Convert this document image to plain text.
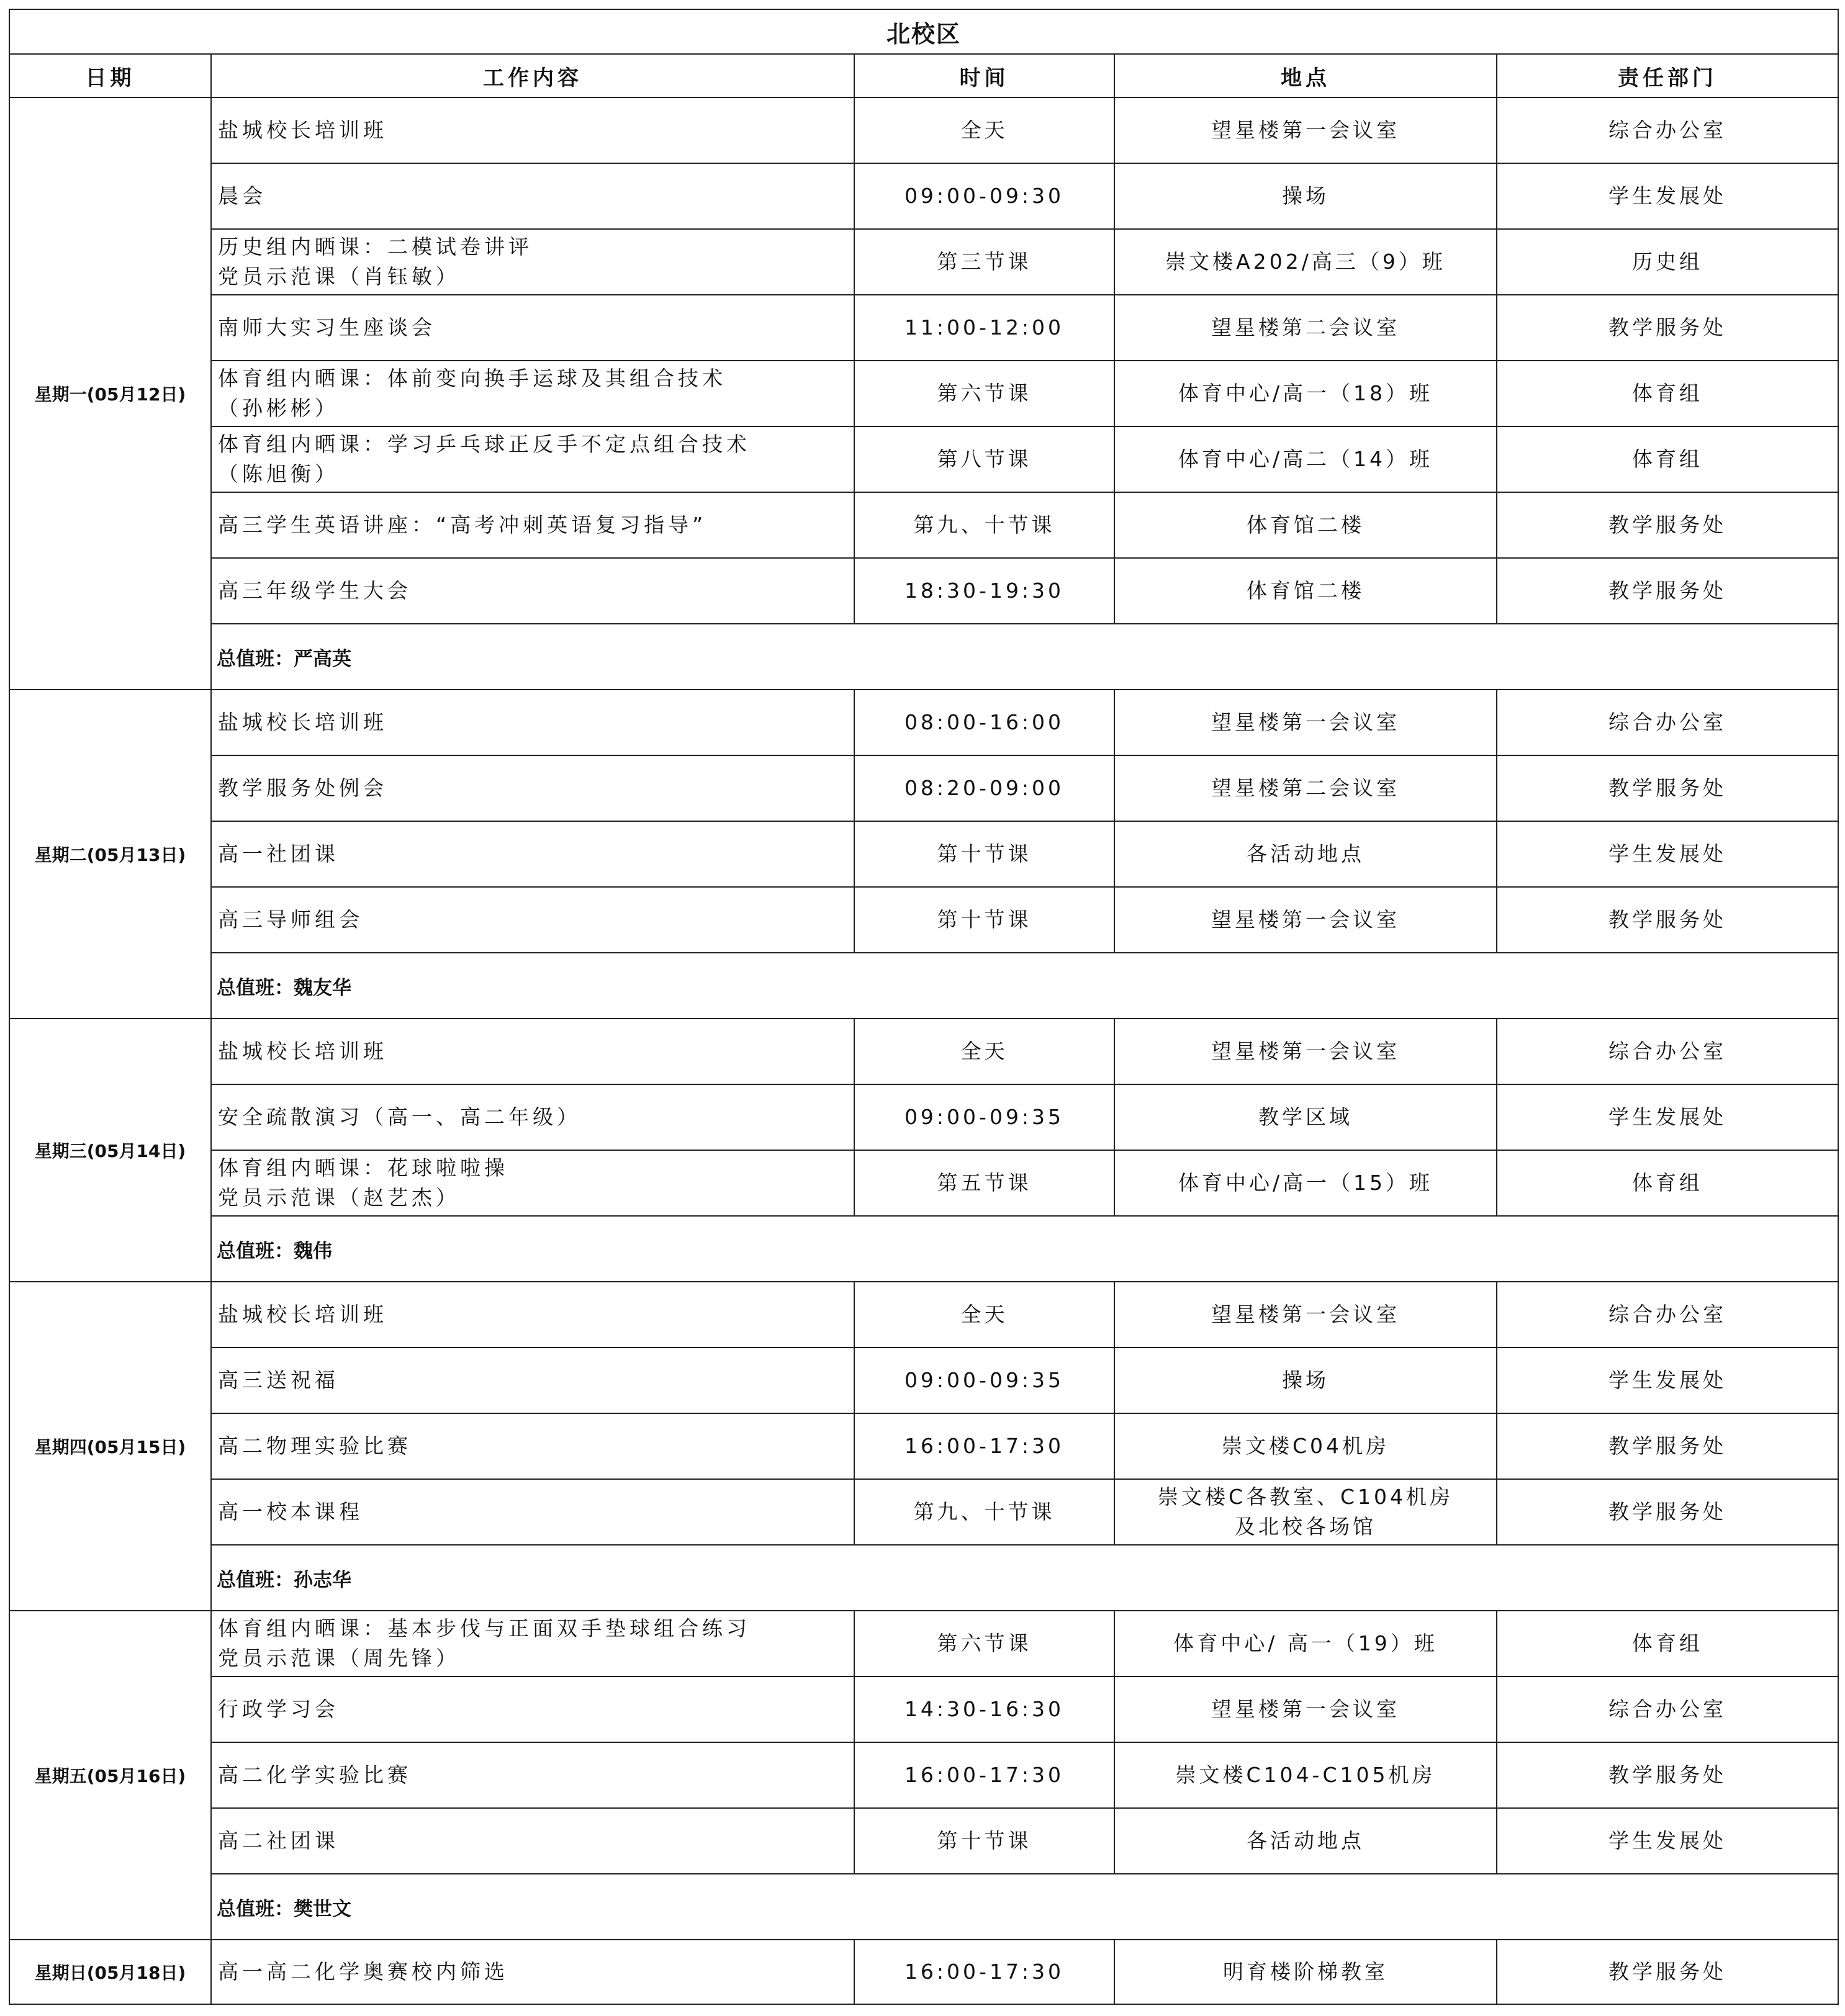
北校区				
日期	工作内容	时间	地点	责任部门
星期一(05月12日)	盐城校长培训班	全天	望星楼第一会议室	综合办公室

	晨会	09:00-09:30	操场	学生发展处

	历史组内晒课：二模试卷讲评
党员示范课（肖钰敏）	第三节课	崇文楼A202/高三（9）班	历史组

	南师大实习生座谈会	11:00-12:00	望星楼第二会议室	教学服务处

	体育组内晒课：体前变向换手运球及其组合技术
（孙彬彬）	第六节课	体育中心/高一（18）班	体育组

	体育组内晒课：学习乒乓球正反手不定点组合技术
（陈旭衡）	第八节课	体育中心/高二（14）班	体育组

	高三学生英语讲座：“高考冲刺英语复习指导”	第九、十节课	体育馆二楼	教学服务处

	高三年级学生大会	18:30-19:30	体育馆二楼	教学服务处
	总值班：严高英			
星期二(05月13日)	盐城校长培训班	08:00-16:00	望星楼第一会议室	综合办公室

	教学服务处例会	08:20-09:00	望星楼第二会议室	教学服务处

	高一社团课	第十节课	各活动地点	学生发展处

	高三导师组会	第十节课	望星楼第一会议室	教学服务处
	总值班：魏友华			
星期三(05月14日)	盐城校长培训班	全天	望星楼第一会议室	综合办公室

	安全疏散演习（高一、高二年级）	09:00-09:35	教学区域	学生发展处

	体育组内晒课：花球啦啦操
党员示范课（赵艺杰）	第五节课	体育中心/高一（15）班	体育组
	总值班：魏伟			
星期四(05月15日)	盐城校长培训班	全天	望星楼第一会议室	综合办公室

	高三送祝福	09:00-09:35	操场	学生发展处

	高二物理实验比赛	16:00-17:30	崇文楼C04机房	教学服务处

	高一校本课程	第九、十节课	崇文楼C各教室、C104机房
及北校各场馆	教学服务处
	总值班：孙志华			
星期五(05月16日)	体育组内晒课：基本步伐与正面双手垫球组合练习
党员示范课（周先锋）	第六节课	体育中心/ 高一（19）班	体育组

	行政学习会	14:30-16:30	望星楼第一会议室	综合办公室

	高二化学实验比赛	16:00-17:30	崇文楼C104-C105机房	教学服务处

	高二社团课	第十节课	各活动地点	学生发展处
	总值班：樊世文			
星期日(05月18日)	高一高二化学奥赛校内筛选	16:00-17:30	明育楼阶梯教室	教学服务处
